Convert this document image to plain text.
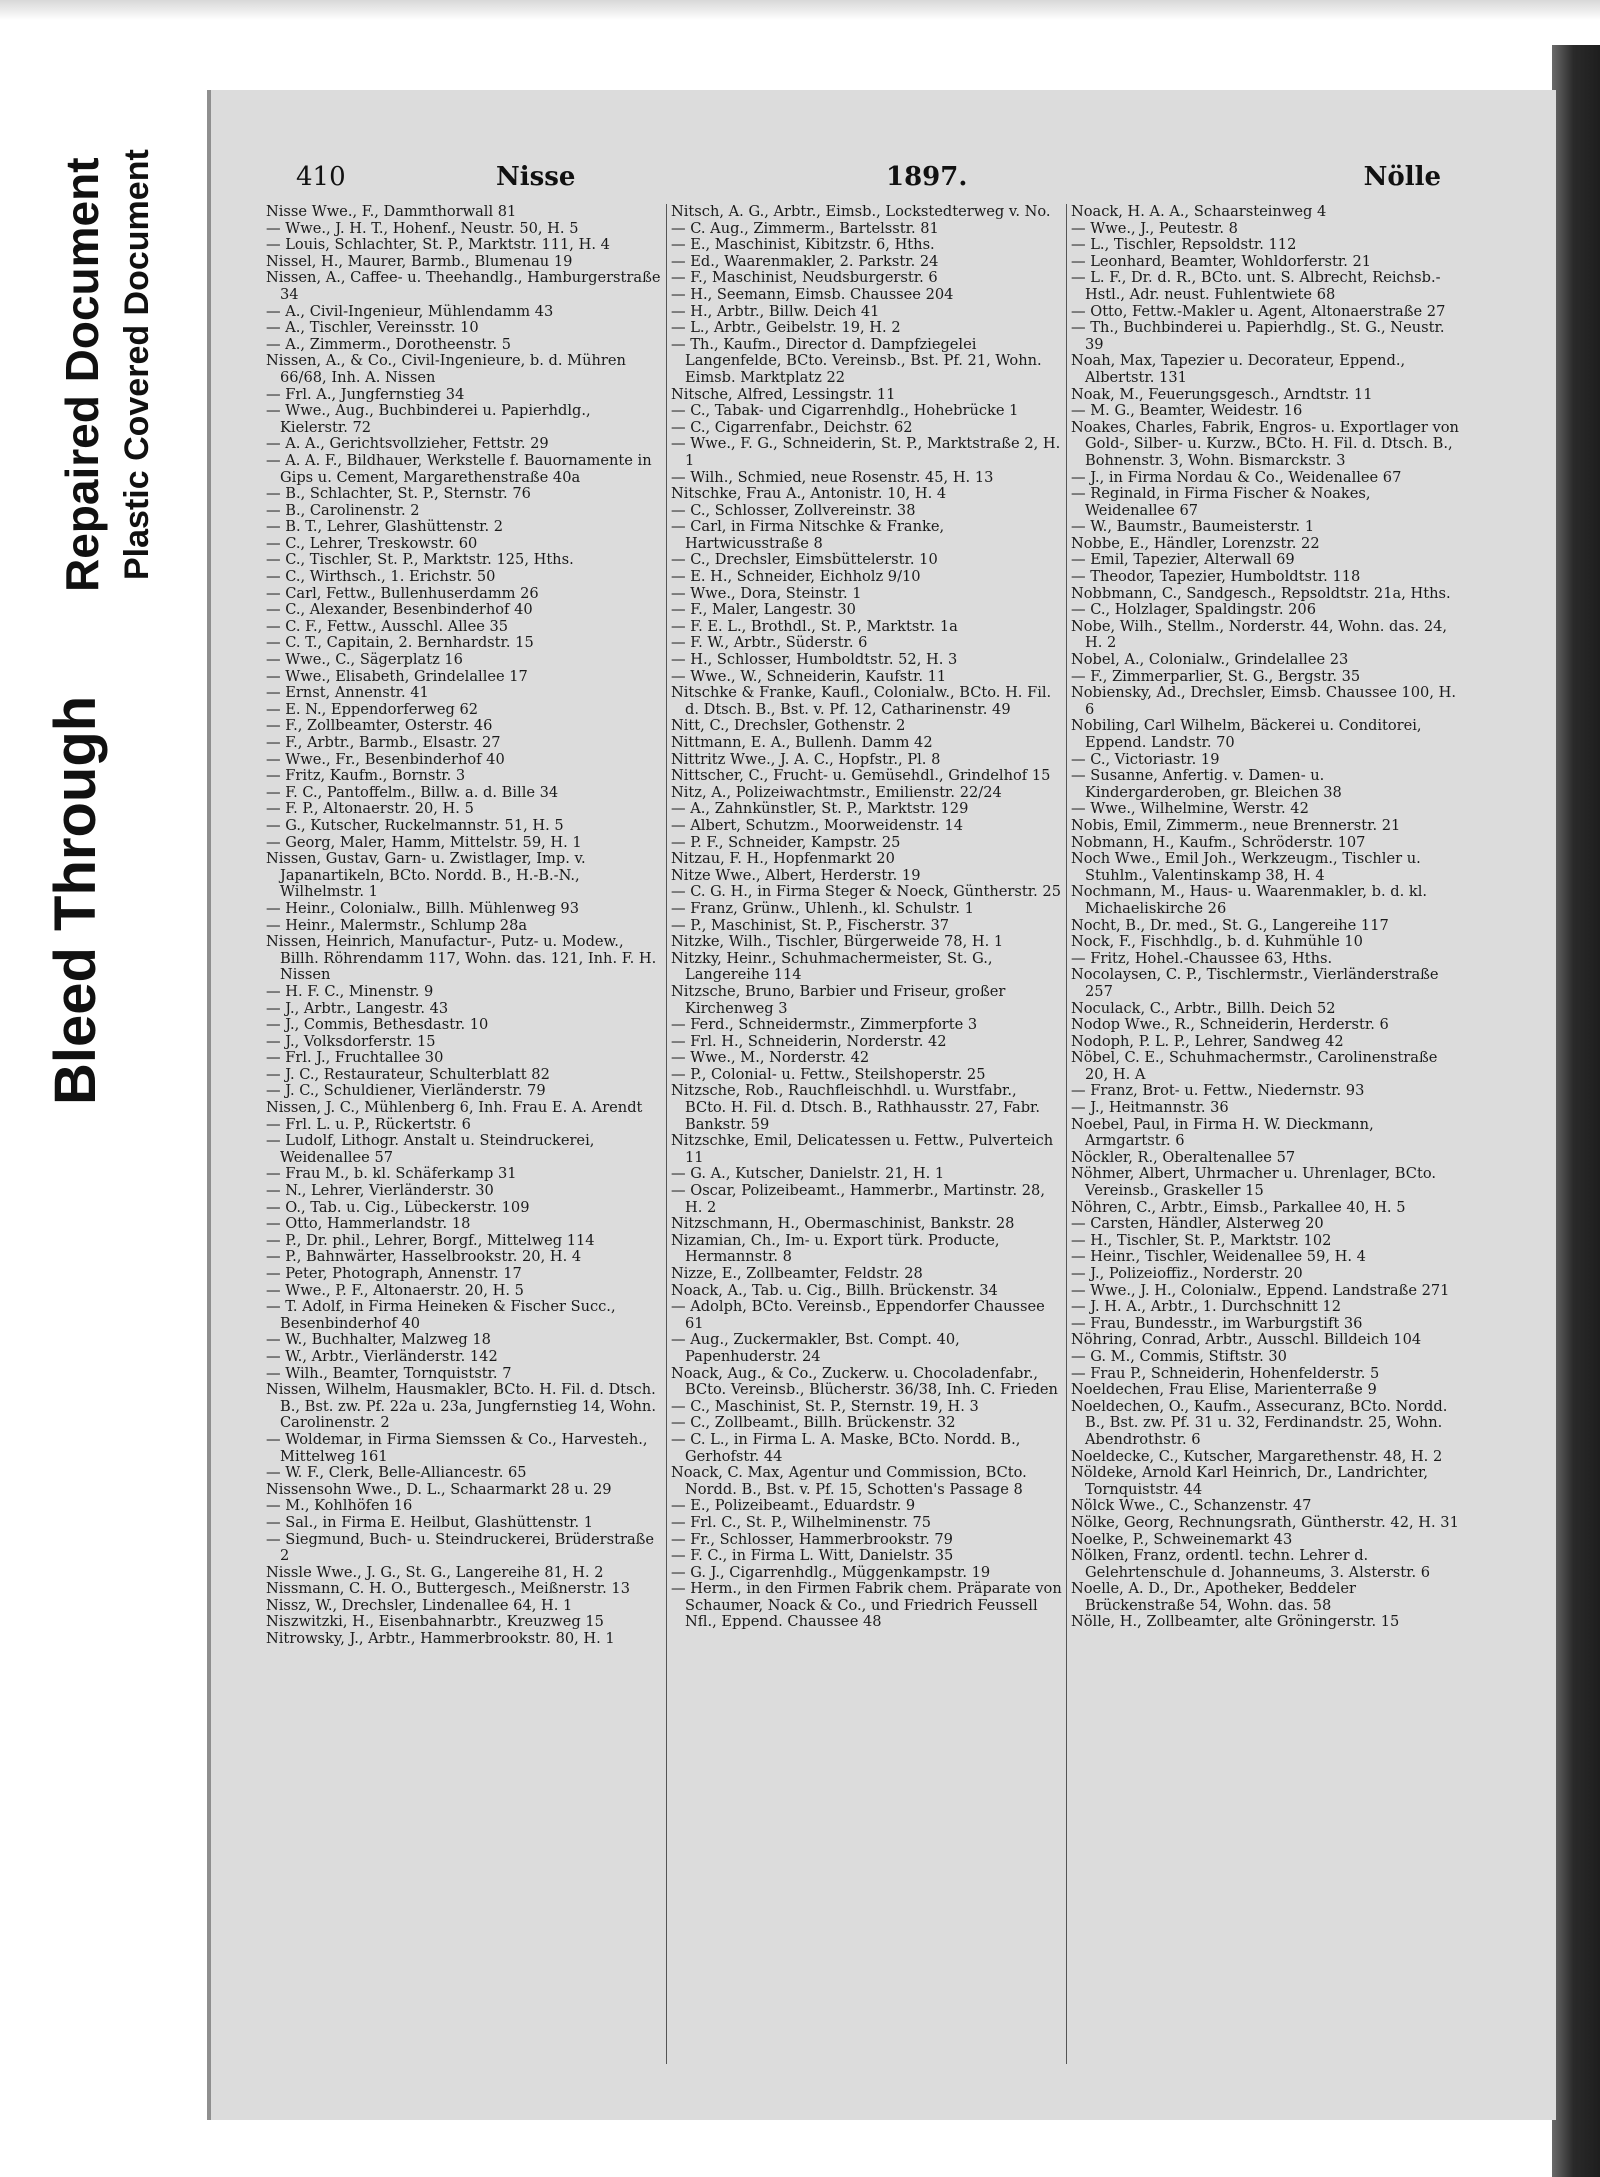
Bleed Through
Repaired Document Plastic Covered Document	410	Nisse	1897.	Nölle

Nisse Wwe., F., Dammthorwall 81

— Wwe., J. H. T., Hohenf., Neustr. 50, H. 5

— Louis, Schlachter, St. P., Marktstr. 111, H. 4

Nissel, H., Maurer, Barmb., Blumenau 19

Nissen, A., Caffee- u. Theehandlg., Hamburgerstraße 34

— A., Civil-Ingenieur, Mühlendamm 43

— A., Tischler, Vereinsstr. 10

— A., Zimmerm., Dorotheenstr. 5

Nissen, A., & Co., Civil-Ingenieure, b. d. Mühren 66/68, Inh. A. Nissen

— Frl. A., Jungfernstieg 34

— Wwe., Aug., Buchbinderei u. Papierhdlg., Kielerstr. 72

— A. A., Gerichtsvollzieher, Fettstr. 29

— A. A. F., Bildhauer, Werkstelle f. Bauornamente in Gips u. Cement, Margarethenstraße 40a

— B., Schlachter, St. P., Sternstr. 76

— B., Carolinenstr. 2

— B. T., Lehrer, Glashüttenstr. 2

— C., Lehrer, Treskowstr. 60

— C., Tischler, St. P., Marktstr. 125, Hths.

— C., Wirthsch., 1. Erichstr. 50

— Carl, Fettw., Bullenhuserdamm 26

— C., Alexander, Besenbinderhof 40

— C. F., Fettw., Ausschl. Allee 35

— C. T., Capitain, 2. Bernhardstr. 15

— Wwe., C., Sägerplatz 16

— Wwe., Elisabeth, Grindelallee 17

— Ernst, Annenstr. 41

— E. N., Eppendorferweg 62

— F., Zollbeamter, Osterstr. 46

— F., Arbtr., Barmb., Elsastr. 27

— Wwe., Fr., Besenbinderhof 40

— Fritz, Kaufm., Bornstr. 3

— F. C., Pantoffelm., Billw. a. d. Bille 34

— F. P., Altonaerstr. 20, H. 5

— G., Kutscher, Ruckelmannstr. 51, H. 5

— Georg, Maler, Hamm, Mittelstr. 59, H. 1

Nissen, Gustav, Garn- u. Zwistlager, Imp. v. Japanartikeln, BCto. Nordd. B., H.-B.-N., Wilhelmstr. 1

— Heinr., Colonialw., Billh. Mühlenweg 93

— Heinr., Malermstr., Schlump 28a

Nissen, Heinrich, Manufactur-, Putz- u. Modew., Billh. Röhrendamm 117, Wohn. das. 121, Inh. F. H. Nissen

— H. F. C., Minenstr. 9

— J., Arbtr., Langestr. 43

— J., Commis, Bethesdastr. 10

— J., Volksdorferstr. 15

— Frl. J., Fruchtallee 30

— J. C., Restaurateur, Schulterblatt 82

— J. C., Schuldiener, Vierländerstr. 79

Nissen, J. C., Mühlenberg 6, Inh. Frau E. A. Arendt

— Frl. L. u. P., Rückertstr. 6

— Ludolf, Lithogr. Anstalt u. Steindruckerei, Weidenallee 57

— Frau M., b. kl. Schäferkamp 31

— N., Lehrer, Vierländerstr. 30

— O., Tab. u. Cig., Lübeckerstr. 109

— Otto, Hammerlandstr. 18

— P., Dr. phil., Lehrer, Borgf., Mittelweg 114

— P., Bahnwärter, Hasselbrookstr. 20, H. 4

— Peter, Photograph, Annenstr. 17

— Wwe., P. F., Altonaerstr. 20, H. 5

— T. Adolf, in Firma Heineken & Fischer Succ., Besenbinderhof 40

— W., Buchhalter, Malzweg 18

— W., Arbtr., Vierländerstr. 142

— Wilh., Beamter, Tornquiststr. 7

Nissen, Wilhelm, Hausmakler, BCto. H. Fil. d. Dtsch. B., Bst. zw. Pf. 22a u. 23a, Jungfernstieg 14, Wohn. Carolinenstr. 2

— Woldemar, in Firma Siemssen & Co., Harvesteh., Mittelweg 161

— W. F., Clerk, Belle-Alliancestr. 65

Nissensohn Wwe., D. L., Schaarmarkt 28 u. 29

— M., Kohlhöfen 16

— Sal., in Firma E. Heilbut, Glashüttenstr. 1

— Siegmund, Buch- u. Steindruckerei, Brüderstraße 2

Nissle Wwe., J. G., St. G., Langereihe 81, H. 2

Nissmann, C. H. O., Buttergesch., Meißnerstr. 13

Nissz, W., Drechsler, Lindenallee 64, H. 1

Niszwitzki, H., Eisenbahnarbtr., Kreuzweg 15

Nitrowsky, J., Arbtr., Hammerbrookstr. 80, H. 1

Nitsch, A. G., Arbtr., Eimsb., Lockstedterweg v. No.

— C. Aug., Zimmerm., Bartelsstr. 81

— E., Maschinist, Kibitzstr. 6, Hths.

— Ed., Waarenmakler, 2. Parkstr. 24

— F., Maschinist, Neudsburgerstr. 6

— H., Seemann, Eimsb. Chaussee 204

— H., Arbtr., Billw. Deich 41

— L., Arbtr., Geibelstr. 19, H. 2

— Th., Kaufm., Director d. Dampfziegelei Langenfelde, BCto. Vereinsb., Bst. Pf. 21, Wohn. Eimsb. Marktplatz 22

Nitsche, Alfred, Lessingstr. 11

— C., Tabak- und Cigarrenhdlg., Hohebrücke 1

— C., Cigarrenfabr., Deichstr. 62

— Wwe., F. G., Schneiderin, St. P., Marktstraße 2, H. 1

— Wilh., Schmied, neue Rosenstr. 45, H. 13

Nitschke, Frau A., Antonistr. 10, H. 4

— C., Schlosser, Zollvereinstr. 38

— Carl, in Firma Nitschke & Franke, Hartwicusstraße 8

— C., Drechsler, Eimsbüttelerstr. 10

— E. H., Schneider, Eichholz 9/10

— Wwe., Dora, Steinstr. 1

— F., Maler, Langestr. 30

— F. E. L., Brothdl., St. P., Marktstr. 1a

— F. W., Arbtr., Süderstr. 6

— H., Schlosser, Humboldtstr. 52, H. 3

— Wwe., W., Schneiderin, Kaufstr. 11

Nitschke & Franke, Kaufl., Colonialw., BCto. H. Fil. d. Dtsch. B., Bst. v. Pf. 12, Catharinenstr. 49

Nitt, C., Drechsler, Gothenstr. 2

Nittmann, E. A., Bullenh. Damm 42

Nittritz Wwe., J. A. C., Hopfstr., Pl. 8

Nittscher, C., Frucht- u. Gemüsehdl., Grindelhof 15

Nitz, A., Polizeiwachtmstr., Emilienstr. 22/24

— A., Zahnkünstler, St. P., Marktstr. 129

— Albert, Schutzm., Moorweidenstr. 14

— P. F., Schneider, Kampstr. 25

Nitzau, F. H., Hopfenmarkt 20

Nitze Wwe., Albert, Herderstr. 19

— C. G. H., in Firma Steger & Noeck, Güntherstr. 25

— Franz, Grünw., Uhlenh., kl. Schulstr. 1

— P., Maschinist, St. P., Fischerstr. 37

Nitzke, Wilh., Tischler, Bürgerweide 78, H. 1

Nitzky, Heinr., Schuhmachermeister, St. G., Langereihe 114

Nitzsche, Bruno, Barbier und Friseur, großer Kirchenweg 3

— Ferd., Schneidermstr., Zimmerpforte 3

— Frl. H., Schneiderin, Norderstr. 42

— Wwe., M., Norderstr. 42

— P., Colonial- u. Fettw., Steilshoperstr. 25

Nitzsche, Rob., Rauchfleischhdl. u. Wurstfabr., BCto. H. Fil. d. Dtsch. B., Rathhausstr. 27, Fabr. Bankstr. 59

Nitzschke, Emil, Delicatessen u. Fettw., Pulverteich 11

— G. A., Kutscher, Danielstr. 21, H. 1

— Oscar, Polizeibeamt., Hammerbr., Martinstr. 28, H. 2

Nitzschmann, H., Obermaschinist, Bankstr. 28

Nizamian, Ch., Im- u. Export türk. Producte, Hermannstr. 8

Nizze, E., Zollbeamter, Feldstr. 28

Noack, A., Tab. u. Cig., Billh. Brückenstr. 34

— Adolph, BCto. Vereinsb., Eppendorfer Chaussee 61

— Aug., Zuckermakler, Bst. Compt. 40, Papenhuderstr. 24

Noack, Aug., & Co., Zuckerw. u. Chocoladenfabr., BCto. Vereinsb., Blücherstr. 36/38, Inh. C. Frieden

— C., Maschinist, St. P., Sternstr. 19, H. 3

— C., Zollbeamt., Billh. Brückenstr. 32

— C. L., in Firma L. A. Maske, BCto. Nordd. B., Gerhofstr. 44

Noack, C. Max, Agentur und Commission, BCto. Nordd. B., Bst. v. Pf. 15, Schotten's Passage 8

— E., Polizeibeamt., Eduardstr. 9

— Frl. C., St. P., Wilhelminenstr. 75

— Fr., Schlosser, Hammerbrookstr. 79

— F. C., in Firma L. Witt, Danielstr. 35

— G. J., Cigarrenhdlg., Müggenkampstr. 19

— Herm., in den Firmen Fabrik chem. Präparate von Schaumer, Noack & Co., und Friedrich Feussell Nfl., Eppend. Chaussee 48

Noack, H. A. A., Schaarsteinweg 4

— Wwe., J., Peutestr. 8

— L., Tischler, Repsoldstr. 112

— Leonhard, Beamter, Wohldorferstr. 21

— L. F., Dr. d. R., BCto. unt. S. Albrecht, Reichsb.-Hstl., Adr. neust. Fuhlentwiete 68

— Otto, Fettw.-Makler u. Agent, Altonaerstraße 27

— Th., Buchbinderei u. Papierhdlg., St. G., Neustr. 39

Noah, Max, Tapezier u. Decorateur, Eppend., Albertstr. 131

Noak, M., Feuerungsgesch., Arndtstr. 11

— M. G., Beamter, Weidestr. 16

Noakes, Charles, Fabrik, Engros- u. Exportlager von Gold-, Silber- u. Kurzw., BCto. H. Fil. d. Dtsch. B., Bohnenstr. 3, Wohn. Bismarckstr. 3

— J., in Firma Nordau & Co., Weidenallee 67

— Reginald, in Firma Fischer & Noakes, Weidenallee 67

— W., Baumstr., Baumeisterstr. 1

Nobbe, E., Händler, Lorenzstr. 22

— Emil, Tapezier, Alterwall 69

— Theodor, Tapezier, Humboldtstr. 118

Nobbmann, C., Sandgesch., Repsoldtstr. 21a, Hths.

— C., Holzlager, Spaldingstr. 206

Nobe, Wilh., Stellm., Norderstr. 44, Wohn. das. 24, H. 2

Nobel, A., Colonialw., Grindelallee 23

— F., Zimmerparlier, St. G., Bergstr. 35

Nobiensky, Ad., Drechsler, Eimsb. Chaussee 100, H. 6

Nobiling, Carl Wilhelm, Bäckerei u. Conditorei, Eppend. Landstr. 70

— C., Victoriastr. 19

— Susanne, Anfertig. v. Damen- u. Kindergarderoben, gr. Bleichen 38

— Wwe., Wilhelmine, Werstr. 42

Nobis, Emil, Zimmerm., neue Brennerstr. 21

Nobmann, H., Kaufm., Schröderstr. 107

Noch Wwe., Emil Joh., Werkzeugm., Tischler u. Stuhlm., Valentinskamp 38, H. 4

Nochmann, M., Haus- u. Waarenmakler, b. d. kl. Michaeliskirche 26

Nocht, B., Dr. med., St. G., Langereihe 117

Nock, F., Fischhdlg., b. d. Kuhmühle 10

— Fritz, Hohel.-Chaussee 63, Hths.

Nocolaysen, C. P., Tischlermstr., Vierländerstraße 257

Noculack, C., Arbtr., Billh. Deich 52

Nodop Wwe., R., Schneiderin, Herderstr. 6

Nodoph, P. L. P., Lehrer, Sandweg 42

Nöbel, C. E., Schuhmachermstr., Carolinenstraße 20, H. A

— Franz, Brot- u. Fettw., Niedernstr. 93

— J., Heitmannstr. 36

Noebel, Paul, in Firma H. W. Dieckmann, Armgartstr. 6

Nöckler, R., Oberaltenallee 57

Nöhmer, Albert, Uhrmacher u. Uhrenlager, BCto. Vereinsb., Graskeller 15

Nöhren, C., Arbtr., Eimsb., Parkallee 40, H. 5

— Carsten, Händler, Alsterweg 20

— H., Tischler, St. P., Marktstr. 102

— Heinr., Tischler, Weidenallee 59, H. 4

— J., Polizeioffiz., Norderstr. 20

— Wwe., J. H., Colonialw., Eppend. Landstraße 271

— J. H. A., Arbtr., 1. Durchschnitt 12

— Frau, Bundesstr., im Warburgstift 36

Nöhring, Conrad, Arbtr., Ausschl. Billdeich 104

— G. M., Commis, Stiftstr. 30

— Frau P., Schneiderin, Hohenfelderstr. 5

Noeldechen, Frau Elise, Marienterraße 9

Noeldechen, O., Kaufm., Assecuranz, BCto. Nordd. B., Bst. zw. Pf. 31 u. 32, Ferdinandstr. 25, Wohn. Abendrothstr. 6

Noeldecke, C., Kutscher, Margarethenstr. 48, H. 2

Nöldeke, Arnold Karl Heinrich, Dr., Landrichter, Tornquiststr. 44

Nölck Wwe., C., Schanzenstr. 47

Nölke, Georg, Rechnungsrath, Güntherstr. 42, H. 31

Noelke, P., Schweinemarkt 43

Nölken, Franz, ordentl. techn. Lehrer d. Gelehrtenschule d. Johanneums, 3. Alsterstr. 6

Noelle, A. D., Dr., Apotheker, Beddeler Brückenstraße 54, Wohn. das. 58

Nölle, H., Zollbeamter, alte Gröningerstr. 15
